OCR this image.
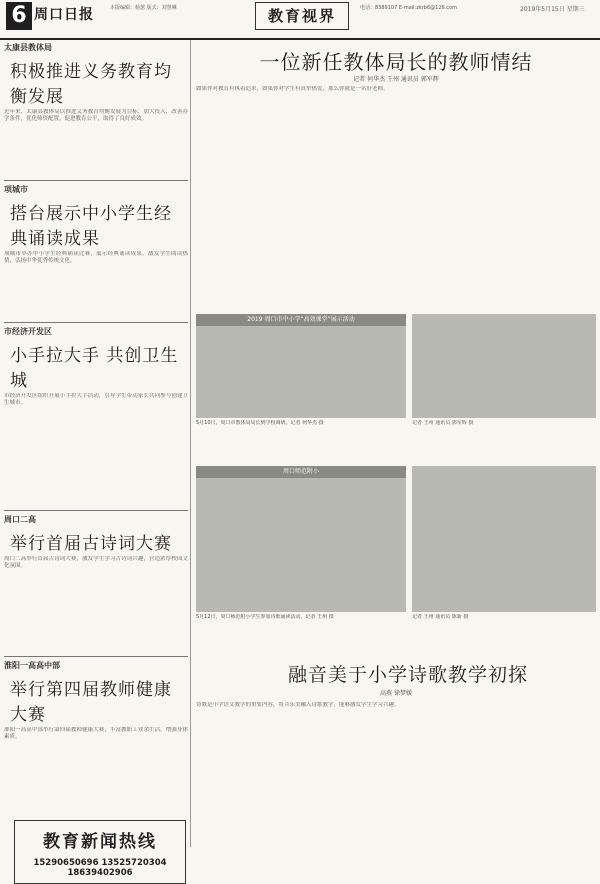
6 周口日报	本版编辑：杨蕙 版式：刘慧琳	教育视界	电话：8389107 E-mail:zkrb6@126.com	2019年5月15日 星期三
太康县教体局
积极推进义务教育均衡发展
近年来，太康县教体局以推进义务教育均衡发展为目标，加大投入，改善办学条件，优化师资配置，促进教育公平，取得了良好成效。
项城市
搭台展示中小学生经典诵读成果
项城市举办中小学生经典诵读比赛，展示经典诵读成果，激发学生阅读热情，弘扬中华优秀传统文化。
市经济开发区
小手拉大手 共创卫生城
市经济开发区组织开展小手拉大手活动，引导学生带动家长共同参与创建卫生城市。
周口二高
举行首届古诗词大赛
周口二高举行首届古诗词大赛，激发学生学习古诗词兴趣，营造浓厚校园文化氛围。
淮阳一高高中部
举行第四届教师健康大赛
淮阳一高高中部举行第四届教师健康大赛，丰富教职工业余生活，增强身体素质。
教育新闻热线
15290650696 13525720304 18639402906
一位新任教体局长的教师情结
记者 何华杰 王州 通讯员 郭军辉
如果你对教育有执着追求，如果你对学生有真挚热爱，那么你就是一名好老师。
2019 周口市中小学“高效课堂”展示活动
5月10日，周口市教体局局长到学校调研。记者 何华杰 摄	记者 王州 通讯员 郭军辉 摄
周口师范附小
5月12日，周口师范附小学生参加诗歌诵读活动。记者 王州 摄	记者 王州 通讯员 陈新 摄
融音美于小学诗歌教学初探
高燕 徐梦媛
诗歌是小学语文教学的重要内容，将音乐美融入诗歌教学，能够激发学生学习兴趣。
